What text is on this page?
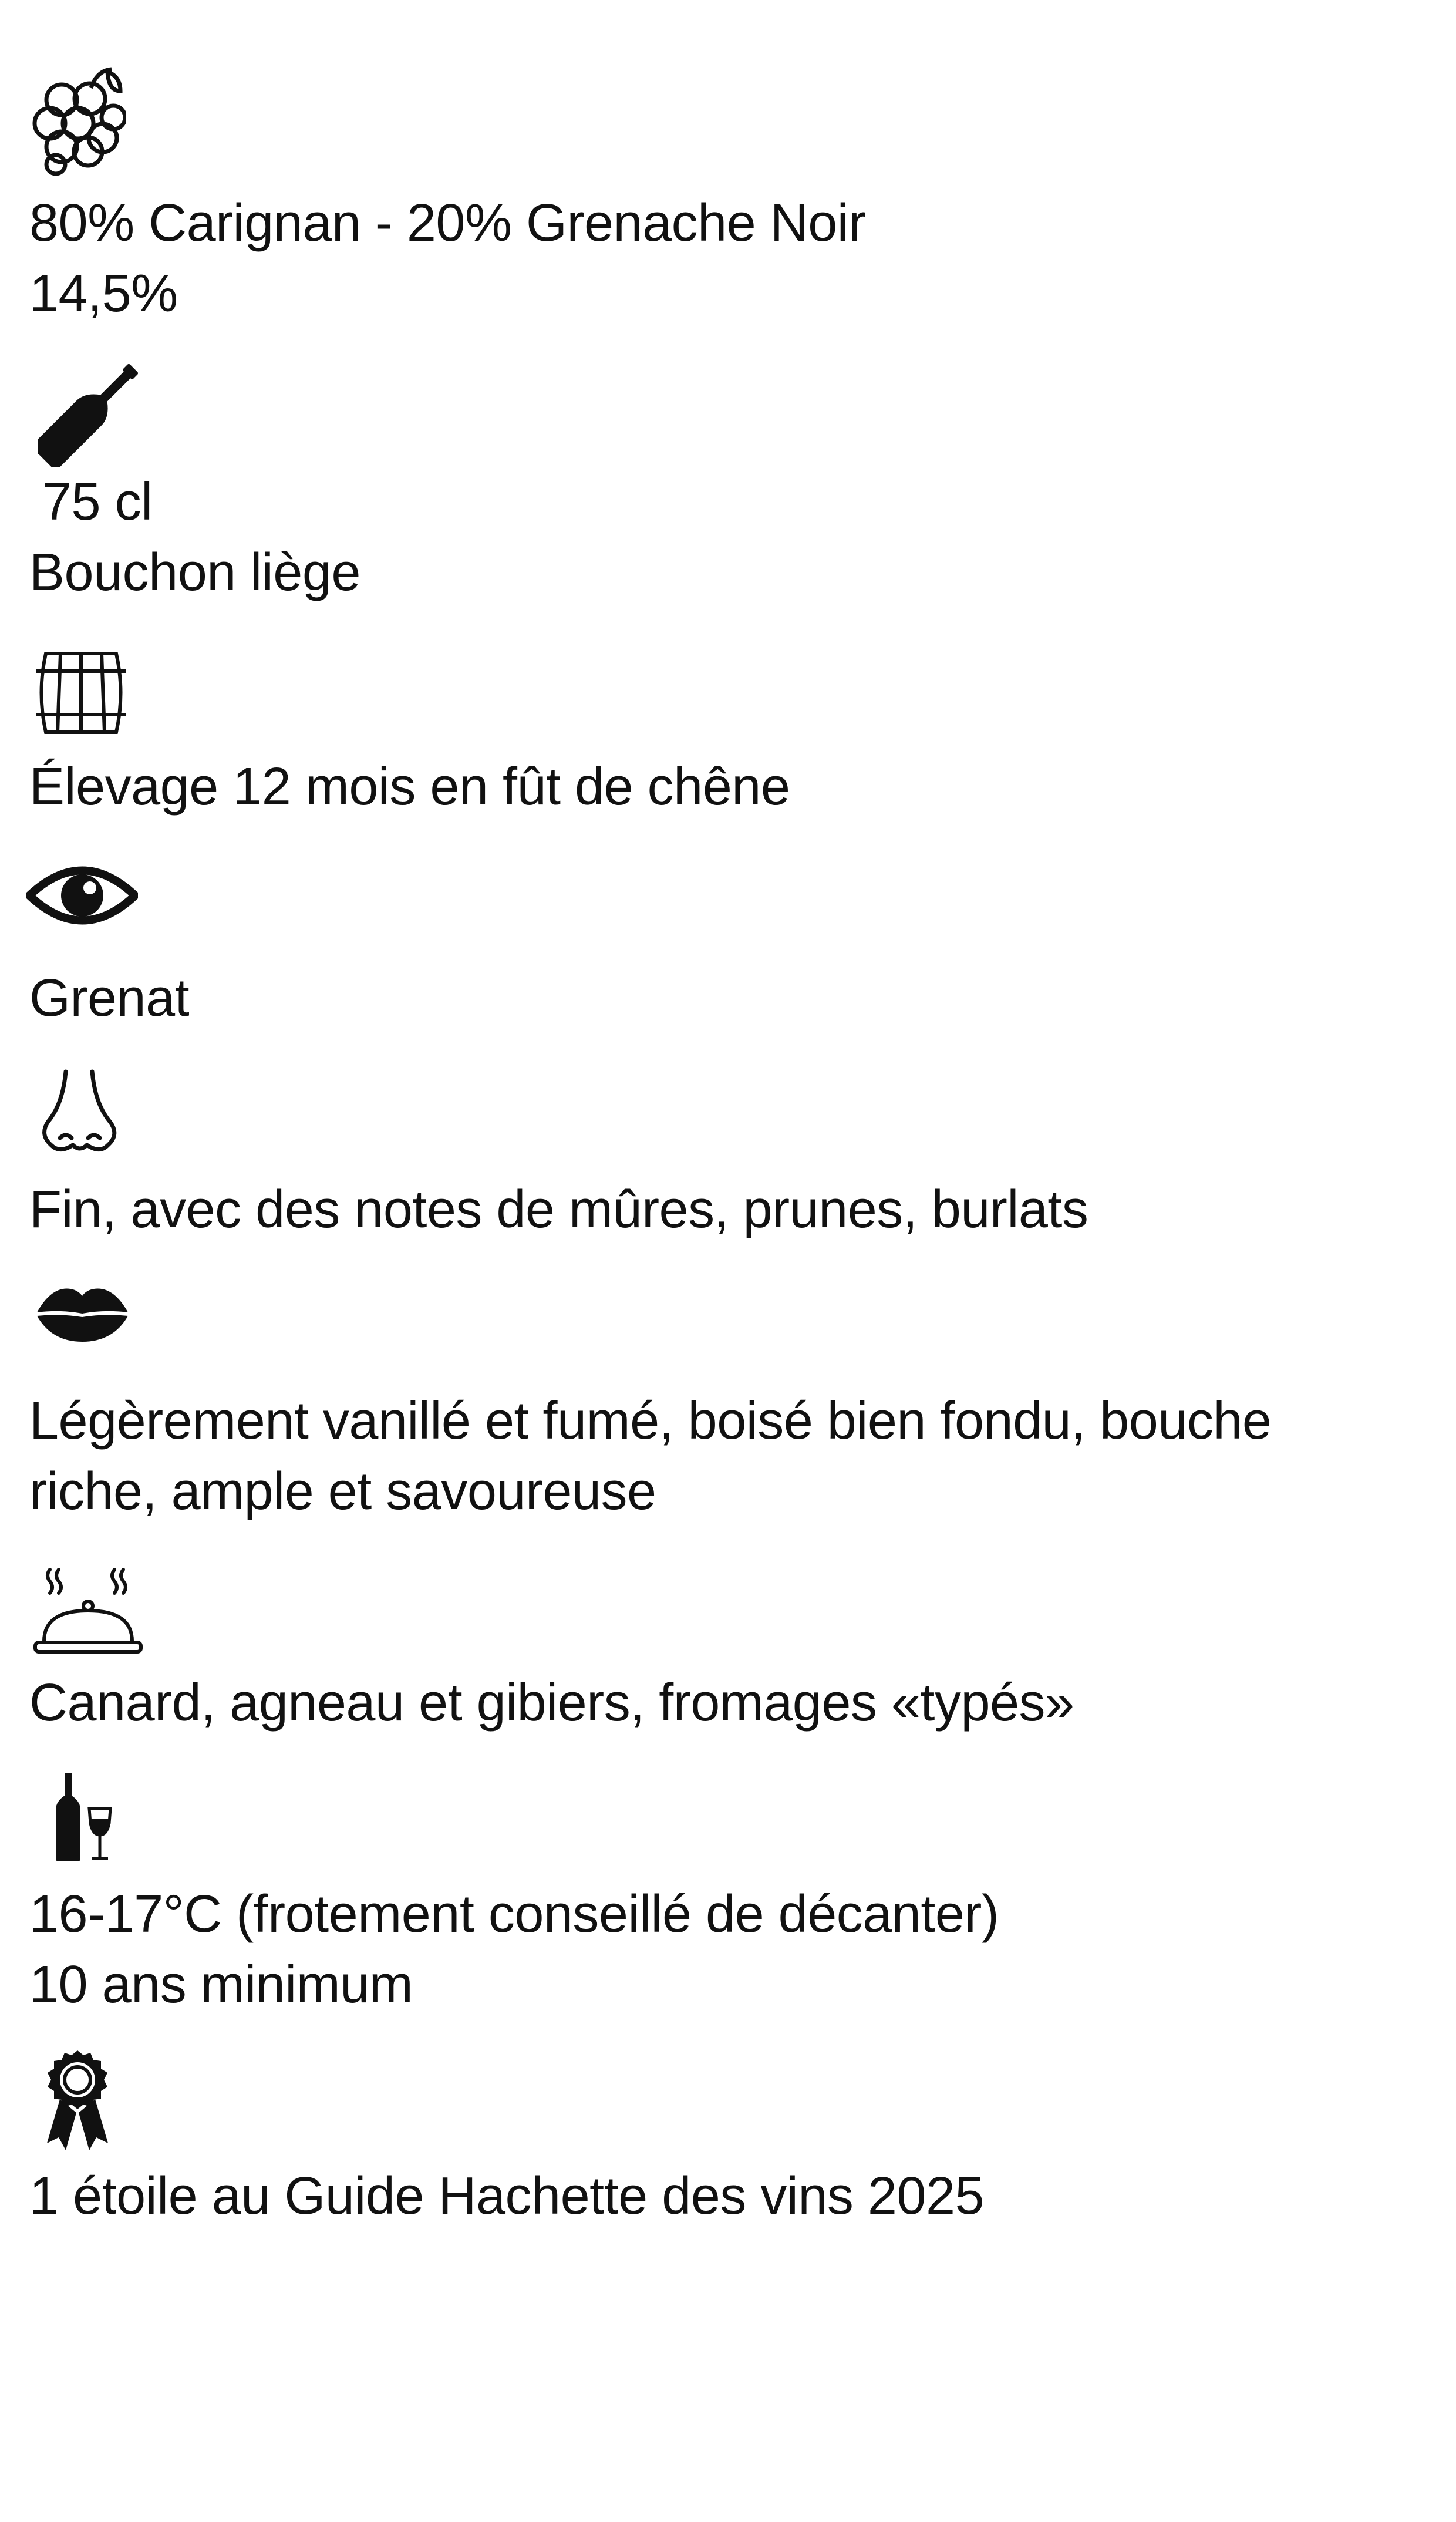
80% Carignan - 20% Grenache Noir

14,5%

75 cl

Bouchon liège

Élevage 12 mois en fût de chêne

Grenat

Fin, avec des notes de mûres, prunes, burlats

Légèrement vanillé et fumé, boisé bien fondu, bouche

riche, ample et savoureuse

Canard, agneau et gibiers, fromages «typés»

16-17°C (frotement conseillé de décanter)

10 ans minimum

1 étoile au Guide Hachette des vins 2025
